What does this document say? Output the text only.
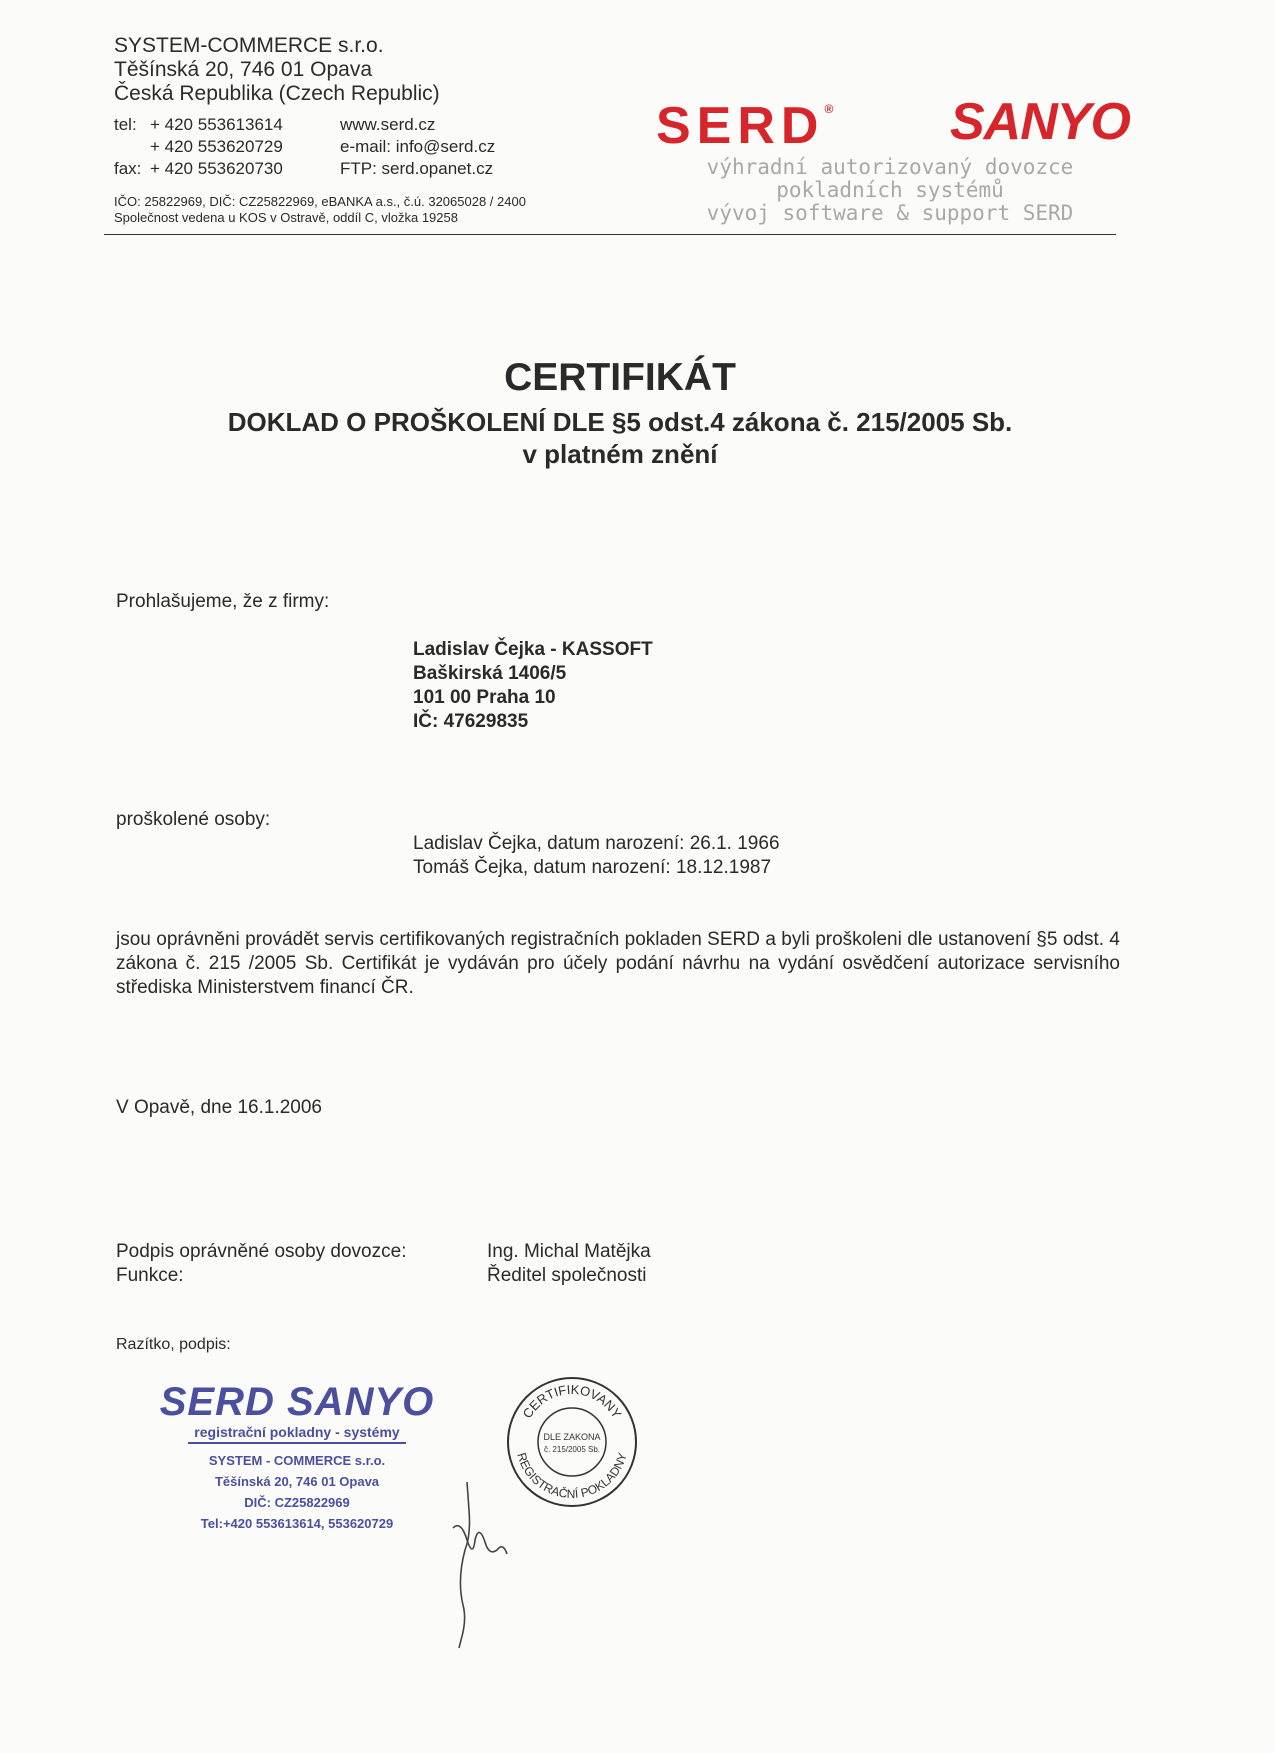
SYSTEM-COMMERCE s.r.o.
Těšínská 20, 746 01 Opava
Česká Republika (Czech Republic)
tel: + 420 553613614	www.serd.cz
+ 420 553620729	e-mail: info@serd.cz
fax: + 420 553620730	FTP: serd.opanet.cz
IČO: 25822969, DIČ: CZ25822969, eBANKA a.s., č.ú. 32065028 / 2400
Společnost vedena u KOS v Ostravě, oddíl C, vložka 19258
SERD® SANYO
výhradní autorizovaný dovozce
pokladních systémů
vývoj software & support SERD
CERTIFIKÁT
DOKLAD O PROŠKOLENÍ DLE §5 odst.4 zákona č. 215/2005 Sb.
v platném znění
Prohlašujeme, že z firmy:
Ladislav Čejka - KASSOFT
Baškirská 1406/5
101 00 Praha 10
IČ: 47629835
proškolené osoby:
Ladislav Čejka, datum narození: 26.1. 1966
Tomáš Čejka, datum narození: 18.12.1987
jsou oprávněni provádět servis certifikovaných registračních pokladen SERD a byli proškoleni dle ustanovení §5 odst. 4 zákona č. 215 /2005 Sb. Certifikát je vydáván pro účely podání návrhu na vydání osvědčení autorizace servisního střediska Ministerstvem financí ČR.
V Opavě, dne 16.1.2006
Podpis oprávněné osoby dovozce:	Ing. Michal Matějka
Funkce:	Ředitel společnosti
Razítko, podpis:
SERD SANYO
registrační pokladny - systémy
SYSTEM - COMMERCE s.r.o.
Těšínská 20, 746 01 Opava
DIČ: CZ25822969
Tel:+420 553613614, 553620729
CERTIFIKOVANY
REGISTRAČNÍ POKLADNY
DLE ZAKONA
č. 215/2005 Sb.
